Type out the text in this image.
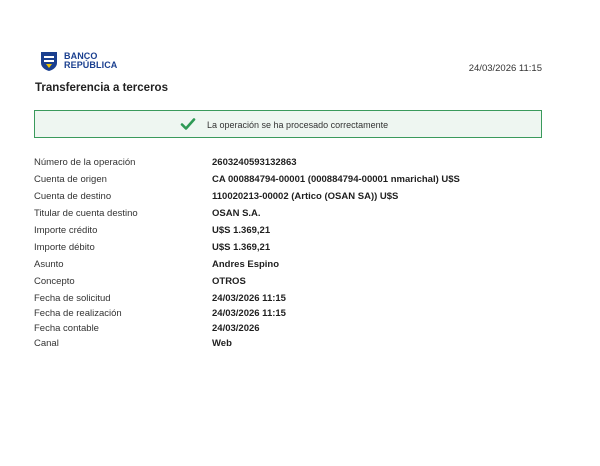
BANCO
REPÚBLICA	24/03/2026 11:15
Transferencia a terceros
La operación se ha procesado correctamente
Número de la operación	2603240593132863
Cuenta de origen	CA 000884794-00001 (000884794-00001 nmarichal) U$S
Cuenta de destino	110020213-00002 (Artico (OSAN SA)) U$S
Titular de cuenta destino	OSAN S.A.
Importe crédito	U$S 1.369,21
Importe débito	U$S 1.369,21
Asunto	Andres Espino
Concepto	OTROS
Fecha de solicitud	24/03/2026 11:15
Fecha de realización	24/03/2026 11:15
Fecha contable	24/03/2026
Canal	Web
